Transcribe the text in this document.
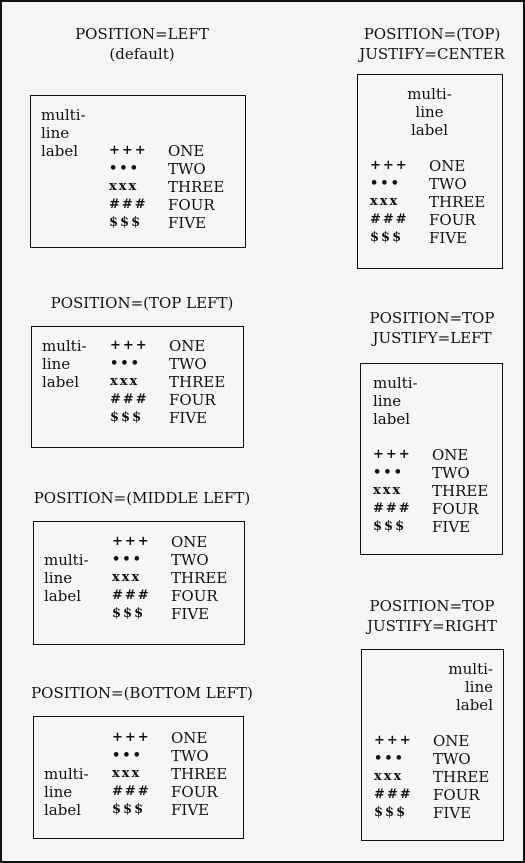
POSITION=LEFT
(default)
multi-
line
label +++
•••
xxx
###
$$$
ONE
TWO
THREE
FOUR
FIVE
POSITION=(TOP LEFT)
multi-
line
label
+++
•••
xxx
###
$$$
ONE
TWO
THREE
FOUR
FIVE
POSITION=(MIDDLE LEFT)
multi-
line
label
+++
•••
xxx
###
$$$
ONE
TWO
THREE
FOUR
FIVE
POSITION=(BOTTOM LEFT)
multi-
line
label
+++
•••
xxx
###
$$$
ONE
TWO
THREE
FOUR
FIVE
POSITION=(TOP)
JUSTIFY=CENTER
multi-
line
label
+++
•••
xxx
###
$$$
ONE
TWO
THREE
FOUR
FIVE
POSITION=TOP
JUSTIFY=LEFT
multi-
line
label
+++
•••
xxx
###
$$$
ONE
TWO
THREE
FOUR
FIVE
POSITION=TOP
JUSTIFY=RIGHT
multi-
line
label
+++
•••
xxx
###
$$$
ONE
TWO
THREE
FOUR
FIVE
